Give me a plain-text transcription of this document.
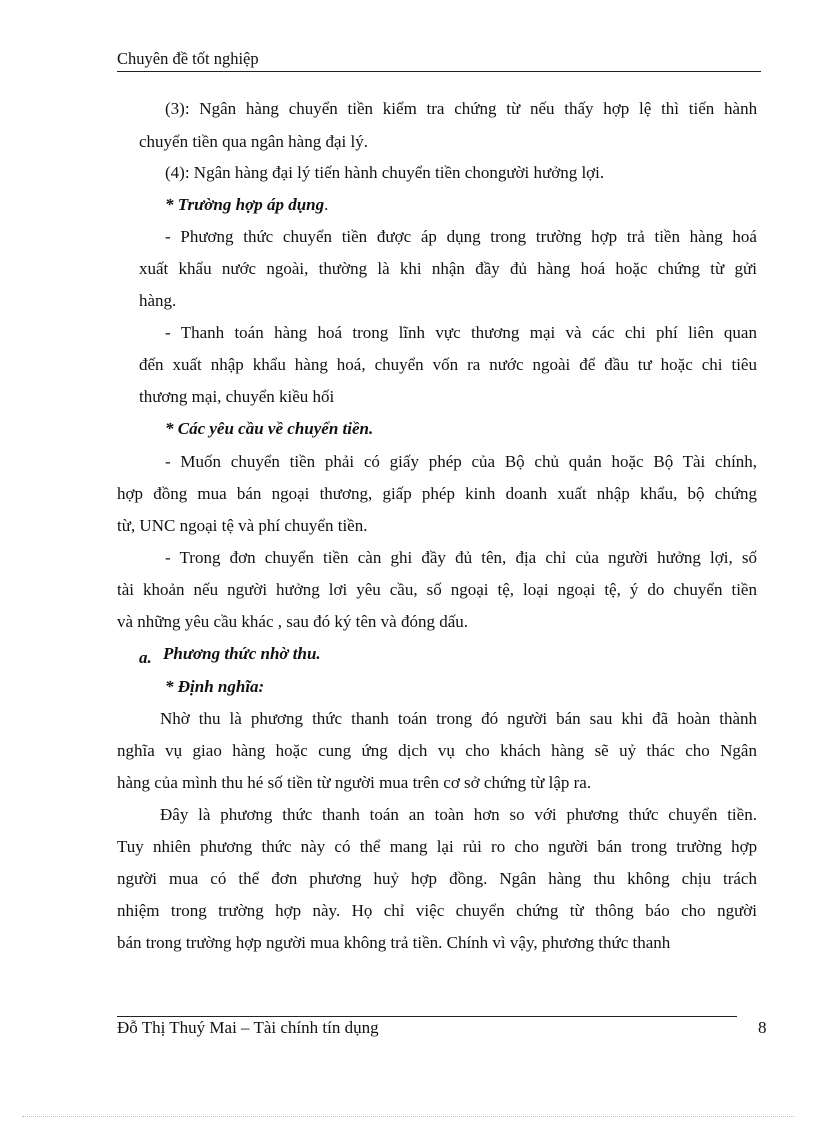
Chuyên đề tốt nghiệp
(3): Ngân hàng chuyển tiền kiểm tra chứng từ nếu thấy hợp lệ thì tiến hành
chuyển tiền qua ngân hàng đại lý.
(4): Ngân hàng đại lý tiến hành chuyển tiền chongười hưởng lợi.
* Trường hợp áp dụng.
- Phương thức chuyển tiền được áp dụng trong trường hợp trả tiền hàng hoá
xuất khẩu nước ngoài, thường là khi nhận đầy đủ hàng hoá hoặc chứng từ gửi
hàng.
- Thanh toán hàng hoá trong lĩnh vực thương mại và các chi phí liên quan
đến xuất nhập khẩu hàng hoá, chuyển vốn ra nước ngoài để đầu tư hoặc chi tiêu
thương mại, chuyển kiều hối
* Các yêu cầu về chuyển tiền.
- Muốn chuyển tiền phải có giấy phép của Bộ chủ quản hoặc Bộ Tài chính,
hợp đồng mua bán ngoại thương, giấp phép kinh doanh xuất nhập khẩu, bộ chứng
từ, UNC ngoại tệ và phí chuyển tiền.
- Trong đơn chuyển tiền càn ghi đầy đủ tên, địa chỉ của người hưởng lợi, số
tài khoản nếu người hưởng lơi yêu cầu, số ngoại tệ, loại ngoại tệ, ý do chuyển tiền
và những yêu cầu khác , sau đó ký tên và đóng dấu.
a. Phương thức nhờ thu.
* Định nghĩa:
Nhờ thu là phương thức thanh toán trong đó người bán sau khi đã hoàn thành
nghĩa vụ giao hàng hoặc cung ứng dịch vụ cho khách hàng sẽ uỷ thác cho Ngân
hàng của mình thu hé số tiền từ người mua trên cơ sở chứng từ lập ra.
Đây là phương thức thanh toán an toàn hơn so với phương thức chuyển tiền.
Tuy nhiên phương thức này có thể mang lại rủi ro cho người bán trong trường hợp
người mua có thể đơn phương huỷ hợp đồng. Ngân hàng thu không chịu trách
nhiệm trong trường hợp này. Họ chỉ việc chuyển chứng từ thông báo cho người
bán trong trường hợp người mua không trả tiền. Chính vì vậy, phương thức thanh
Đỗ Thị Thuý Mai – Tài chính tín dụng	8
